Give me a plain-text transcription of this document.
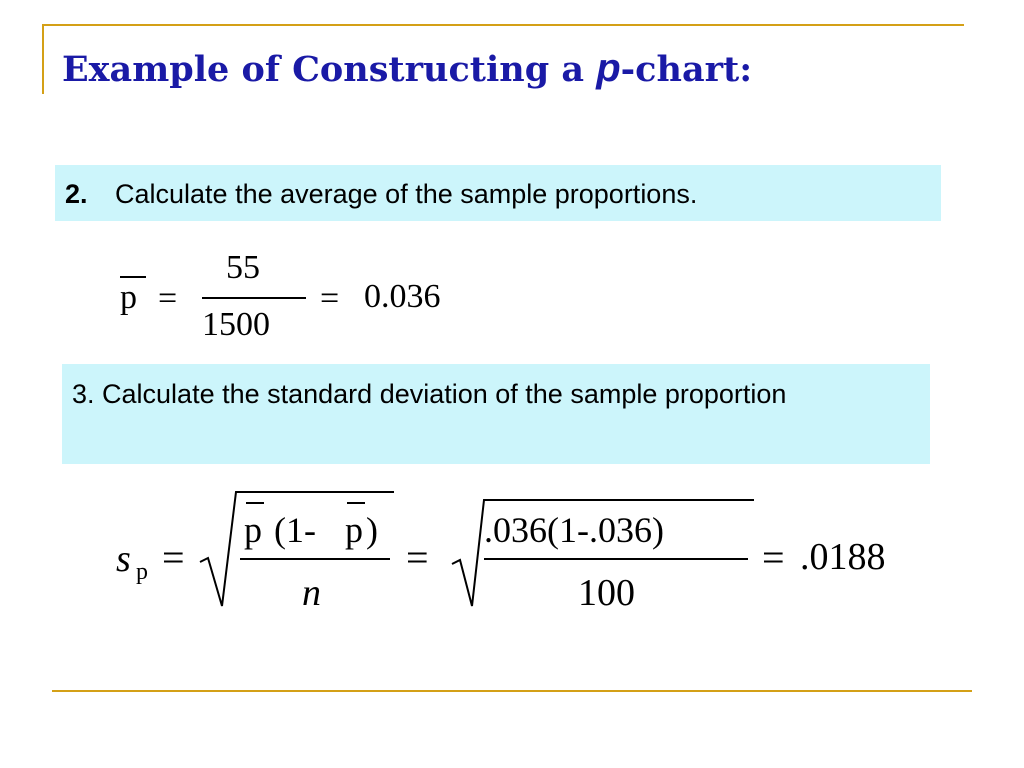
Example of Constructing a p-chart:
2. Calculate the average of the sample proportions.
p =
55
1500
= 0.036
3. Calculate the standard deviation of the sample proportion
s p =
p (1- p )
n
=
.036(1-.036)
100
= .0188
